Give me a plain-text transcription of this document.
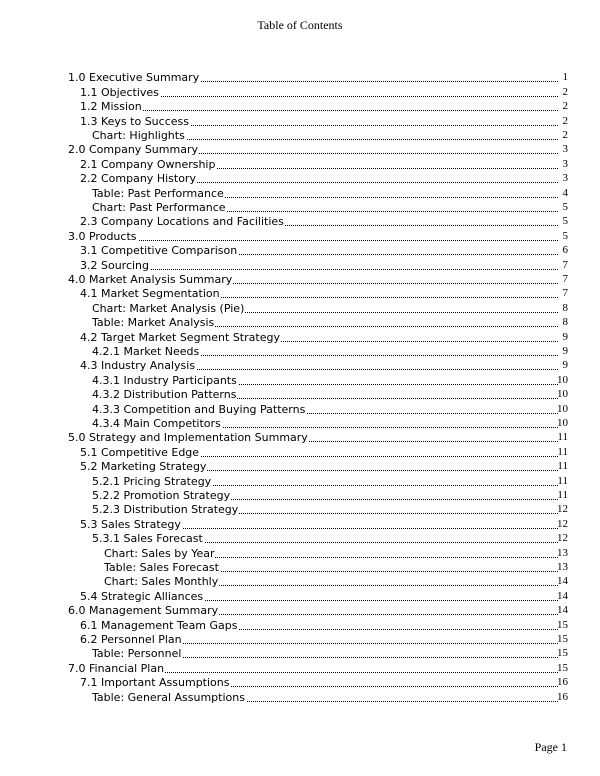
Table of Contents
1.0 Executive Summary	1
1.1 Objectives	2
1.2 Mission	2
1.3 Keys to Success	2
Chart: Highlights	2
2.0 Company Summary	3
2.1 Company Ownership	3
2.2 Company History	3
Table: Past Performance	4
Chart: Past Performance	5
2.3 Company Locations and Facilities	5
3.0 Products	5
3.1 Competitive Comparison	6
3.2 Sourcing	7
4.0 Market Analysis Summary	7
4.1 Market Segmentation	7
Chart: Market Analysis (Pie)	8
Table: Market Analysis	8
4.2 Target Market Segment Strategy	9
4.2.1 Market Needs	9
4.3 Industry Analysis	9
4.3.1 Industry Participants	10
4.3.2 Distribution Patterns	10
4.3.3 Competition and Buying Patterns	10
4.3.4 Main Competitors	10
5.0 Strategy and Implementation Summary	11
5.1 Competitive Edge	11
5.2 Marketing Strategy	11
5.2.1 Pricing Strategy	11
5.2.2 Promotion Strategy	11
5.2.3 Distribution Strategy	12
5.3 Sales Strategy	12
5.3.1 Sales Forecast	12
Chart: Sales by Year	13
Table: Sales Forecast	13
Chart: Sales Monthly	14
5.4 Strategic Alliances	14
6.0 Management Summary	14
6.1 Management Team Gaps	15
6.2 Personnel Plan	15
Table: Personnel	15
7.0 Financial Plan	15
7.1 Important Assumptions	16
Table: General Assumptions	16
Page 1
